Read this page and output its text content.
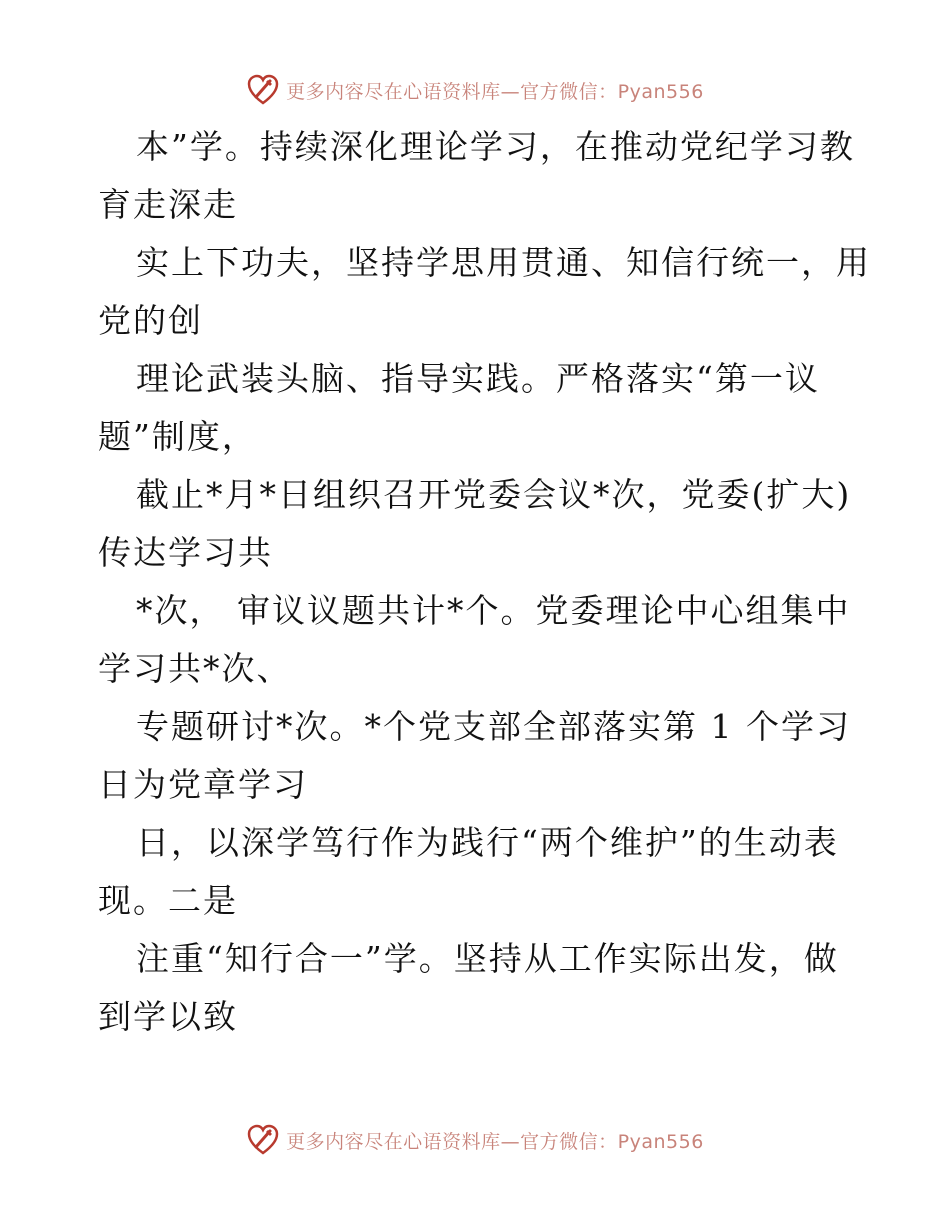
更多内容尽在心语资料库—官方微信：Pyan556

本”学。持续深化理论学习，在推动党纪学习教
育走深走

实上下功夫，坚持学思用贯通、知信行统一，用
党的创

理论武装头脑、指导实践。严格落实“第一议
题”制度，

截止*月*日组织召开党委会议*次，党委(扩大)
传达学习共

*次， 审议议题共计*个。党委理论中心组集中
学习共*次、

专题研讨*次。*个党支部全部落实第 1 个学习
日为党章学习

日，以深学笃行作为践行“两个维护”的生动表
现。二是

注重“知行合一”学。坚持从工作实际出发，做
到学以致

更多内容尽在心语资料库—官方微信：Pyan556
